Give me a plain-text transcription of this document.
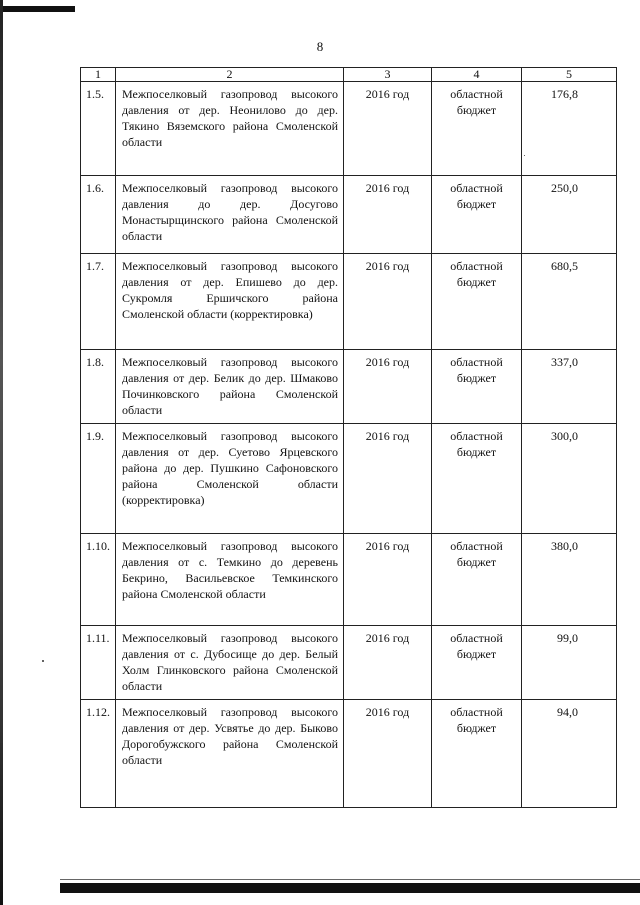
8
1	2	3	4	5
1.5.	Межпоселковый газопровод высокого давления от дер. Неонилово до дер. Тякино Вяземского района Смоленской области	2016 год	областной бюджет	176,8
1.6.	Межпоселковый газопровод высокого давления до дер. Досугово Монастырщинского района Смоленской области	2016 год	областной бюджет	250,0
1.7.	Межпоселковый газопровод высокого давления от дер. Епишево до дер. Сукромля Ершичского района Смоленской области (корректировка)	2016 год	областной бюджет	680,5
1.8.	Межпоселковый газопровод высокого давления от дер. Белик до дер. Шмаково Починковского района Смоленской области	2016 год	областной бюджет	337,0
1.9.	Межпоселковый газопровод высокого давления от дер. Суетово Ярцевского района до дер. Пушкино Сафоновского района Смоленской области (корректировка)	2016 год	областной бюджет	300,0
1.10.	Межпоселковый газопровод высокого давления от с. Темкино до деревень Бекрино, Васильевское Темкинского района Смоленской области	2016 год	областной бюджет	380,0
1.11.	Межпоселковый газопровод высокого давления от с. Дубосище до дер. Белый Холм Глинковского района Смоленской области	2016 год	областной бюджет	99,0
1.12.	Межпоселковый газопровод высокого давления от дер. Усвятье до дер. Быково Дорогобужского района Смоленской области	2016 год	областной бюджет	94,0
